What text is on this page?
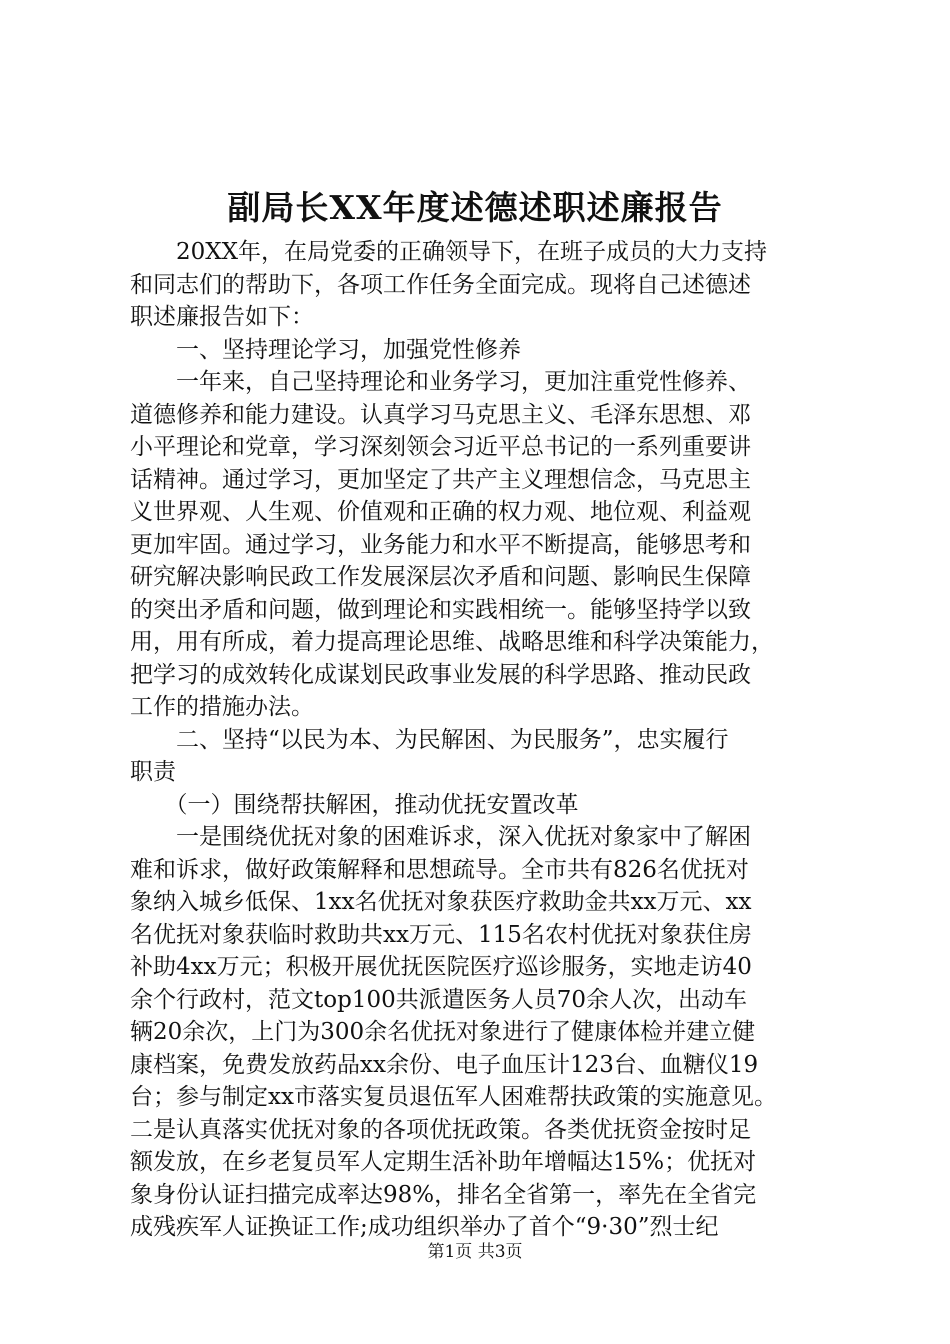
副局长XX年度述德述职述廉报告
　　20XX年，在局党委的正确领导下，在班子成员的大力支持
和同志们的帮助下，各项工作任务全面完成。现将自己述德述
职述廉报告如下：
　　一、坚持理论学习，加强党性修养
　　一年来，自己坚持理论和业务学习，更加注重党性修养、
道德修养和能力建设。认真学习马克思主义、毛泽东思想、邓
小平理论和党章，学习深刻领会习近平总书记的一系列重要讲
话精神。通过学习，更加坚定了共产主义理想信念，马克思主
义世界观、人生观、价值观和正确的权力观、地位观、利益观
更加牢固。通过学习，业务能力和水平不断提高，能够思考和
研究解决影响民政工作发展深层次矛盾和问题、影响民生保障
的突出矛盾和问题，做到理论和实践相统一。能够坚持学以致
用，用有所成，着力提高理论思维、战略思维和科学决策能力，
把学习的成效转化成谋划民政事业发展的科学思路、推动民政
工作的措施办法。
　　二、坚持“以民为本、为民解困、为民服务”，忠实履行
职责
　　（一）围绕帮扶解困，推动优抚安置改革
　　一是围绕优抚对象的困难诉求，深入优抚对象家中了解困
难和诉求，做好政策解释和思想疏导。全市共有826名优抚对
象纳入城乡低保、1xx名优抚对象获医疗救助金共xx万元、xx
名优抚对象获临时救助共xx万元、115名农村优抚对象获住房
补助4xx万元；积极开展优抚医院医疗巡诊服务，实地走访40
余个行政村，范文top100共派遣医务人员70余人次，出动车
辆20余次，上门为300余名优抚对象进行了健康体检并建立健
康档案，免费发放药品xx余份、电子血压计123台、血糖仪19
台；参与制定xx市落实复员退伍军人困难帮扶政策的实施意见。
二是认真落实优抚对象的各项优抚政策。各类优抚资金按时足
额发放，在乡老复员军人定期生活补助年增幅达15%；优抚对
象身份认证扫描完成率达98%，排名全省第一，率先在全省完
成残疾军人证换证工作;成功组织举办了首个“9·30”烈士纪
第1页 共3页
